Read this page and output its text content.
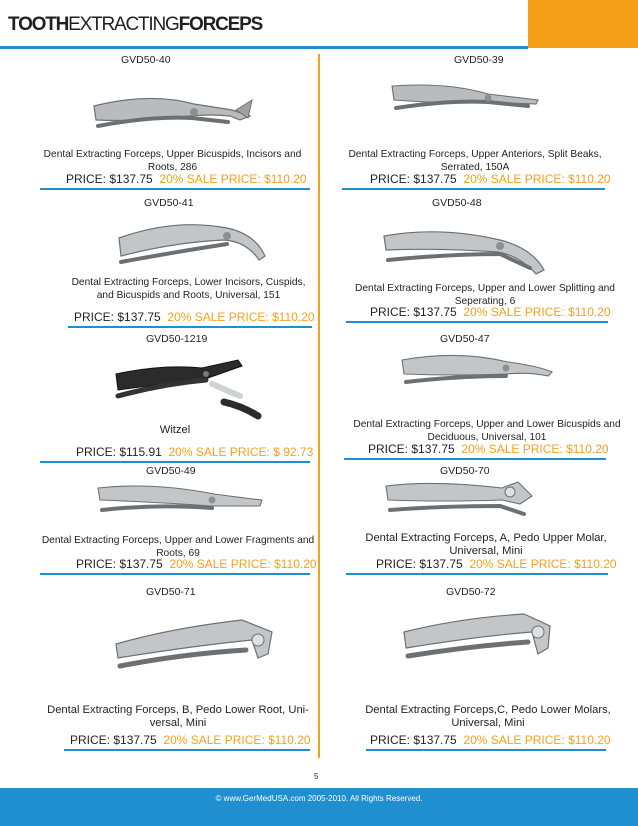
TOOTHEXTRACTINGFORCEPS
GVD50-40
Dental Extracting Forceps, Upper Bicuspids, Incisors and Roots, 286
PRICE: $137.75 20% SALE PRICE: $110.20
GVD50-39
Dental Extracting Forceps, Upper Anteriors, Split Beaks, Serrated, 150A
PRICE: $137.75 20% SALE PRICE: $110.20
GVD50-41
Dental Extracting Forceps, Lower Incisors, Cuspids, and Bicuspids and Roots, Universal, 151
PRICE: $137.75 20% SALE PRICE: $110.20
GVD50-48
Dental Extracting Forceps, Upper and Lower Splitting and Seperating, 6
PRICE: $137.75 20% SALE PRICE: $110.20
GVD50-1219
Witzel
PRICE: $115.91 20% SALE PRICE: $ 92.73
GVD50-47
Dental Extracting Forceps, Upper and Lower Bicuspids and Deciduous, Universal, 101
PRICE: $137.75 20% SALE PRICE: $110.20
GVD50-49
Dental Extracting Forceps, Upper and Lower Fragments and Roots, 69
PRICE: $137.75 20% SALE PRICE: $110.20
GVD50-70
Dental Extracting Forceps, A, Pedo Upper Molar, Universal, Mini
PRICE: $137.75 20% SALE PRICE: $110.20
GVD50-71
Dental Extracting Forceps, B, Pedo Lower Root, Uni-versal, Mini
PRICE: $137.75 20% SALE PRICE: $110.20
GVD50-72
Dental Extracting Forceps,C, Pedo Lower Molars, Universal, Mini
PRICE: $137.75 20% SALE PRICE: $110.20
5
© www.GerMedUSA.com 2005-2010. All Rights Reserved.
